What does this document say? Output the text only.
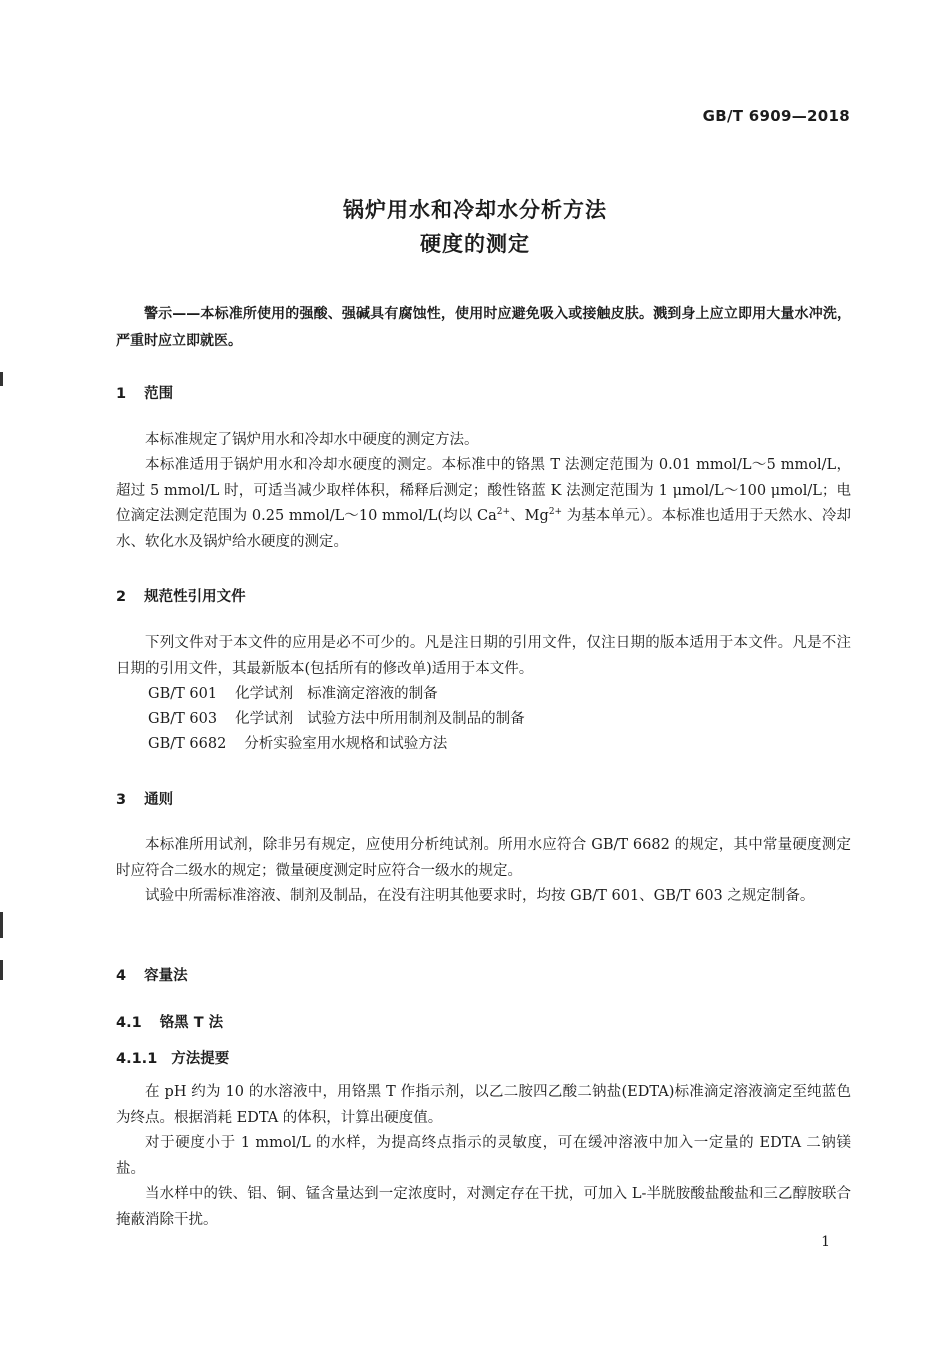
GB/T 6909—2018
锅炉用水和冷却水分析方法
硬度的测定

警示——本标准所使用的强酸、强碱具有腐蚀性，使用时应避免吸入或接触皮肤。溅到身上应立即用大量水冲洗，严重时应立即就医。

1 范围

本标准规定了锅炉用水和冷却水中硬度的测定方法。

本标准适用于锅炉用水和冷却水硬度的测定。本标准中的铬黑 T 法测定范围为 0.01 mmol/L～5 mmol/L，超过 5 mmol/L 时，可适当减少取样体积，稀释后测定；酸性铬蓝 K 法测定范围为 1 μmol/L～100 μmol/L；电位滴定法测定范围为 0.25 mmol/L～10 mmol/L(均以 $Ca^{2+}$、$Mg^{2+}$ 为基本单元）。本标准也适用于天然水、冷却水、软化水及锅炉给水硬度的测定。

2 规范性引用文件

下列文件对于本文件的应用是必不可少的。凡是注日期的引用文件，仅注日期的版本适用于本文件。凡是不注日期的引用文件，其最新版本(包括所有的修改单)适用于本文件。

GB/T 601 化学试剂 标准滴定溶液的制备
GB/T 603 化学试剂 试验方法中所用制剂及制品的制备
GB/T 6682 分析实验室用水规格和试验方法
3 通则

本标准所用试剂，除非另有规定，应使用分析纯试剂。所用水应符合 GB/T 6682 的规定，其中常量硬度测定时应符合二级水的规定；微量硬度测定时应符合一级水的规定。

试验中所需标准溶液、制剂及制品，在没有注明其他要求时，均按 GB/T 601、GB/T 603 之规定制备。

4 容量法
4.1 铬黑 T 法
4.1.1 方法提要

在 pH 约为 10 的水溶液中，用铬黑 T 作指示剂，以乙二胺四乙酸二钠盐(EDTA)标准滴定溶液滴定至纯蓝色为终点。根据消耗 EDTA 的体积，计算出硬度值。

对于硬度小于 1 mmol/L 的水样，为提高终点指示的灵敏度，可在缓冲溶液中加入一定量的 EDTA 二钠镁盐。

当水样中的铁、铝、铜、锰含量达到一定浓度时，对测定存在干扰，可加入 L-半胱胺酸盐酸盐和三乙醇胺联合掩蔽消除干扰。

1
